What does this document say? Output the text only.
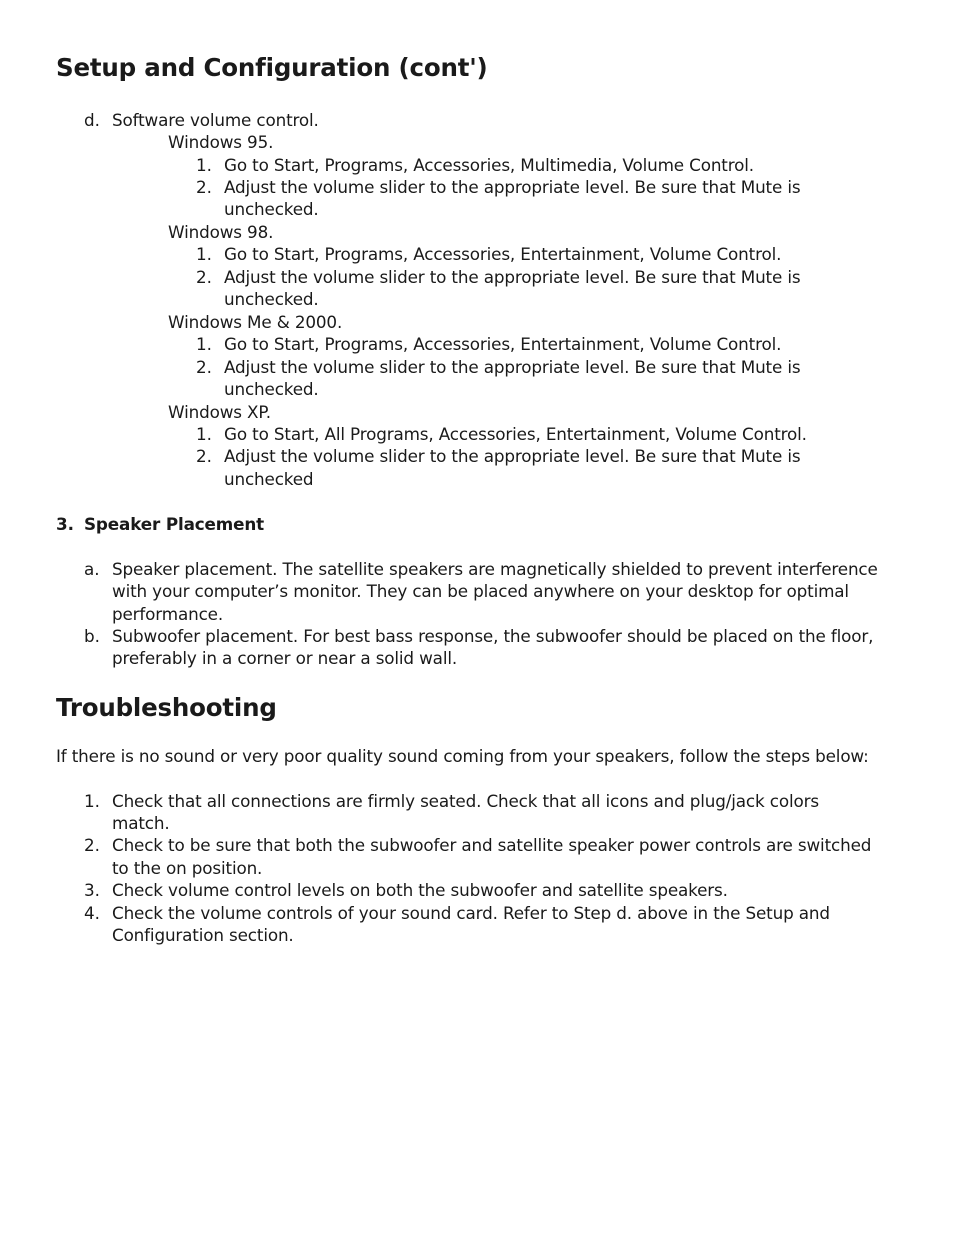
Setup and Configuration (cont')
d. Software volume control.
Windows 95.
1. Go to Start, Programs, Accessories, Multimedia, Volume Control.
2. Adjust the volume slider to the appropriate level. Be sure that Mute is
unchecked.
Windows 98.
1. Go to Start, Programs, Accessories, Entertainment, Volume Control.
2. Adjust the volume slider to the appropriate level. Be sure that Mute is
unchecked.
Windows Me & 2000.
1. Go to Start, Programs, Accessories, Entertainment, Volume Control.
2. Adjust the volume slider to the appropriate level. Be sure that Mute is
unchecked.
Windows XP.
1. Go to Start, All Programs, Accessories, Entertainment, Volume Control.
2. Adjust the volume slider to the appropriate level. Be sure that Mute is
unchecked
3. Speaker Placement
a. Speaker placement. The satellite speakers are magnetically shielded to prevent interference
with your computer’s monitor. They can be placed anywhere on your desktop for optimal
performance.
b. Subwoofer placement. For best bass response, the subwoofer should be placed on the floor,
preferably in a corner or near a solid wall.
Troubleshooting
If there is no sound or very poor quality sound coming from your speakers, follow the steps below:
1. Check that all connections are firmly seated. Check that all icons and plug/jack colors
match.
2. Check to be sure that both the subwoofer and satellite speaker power controls are switched
to the on position.
3. Check volume control levels on both the subwoofer and satellite speakers.
4. Check the volume controls of your sound card. Refer to Step d. above in the Setup and
Configuration section.
